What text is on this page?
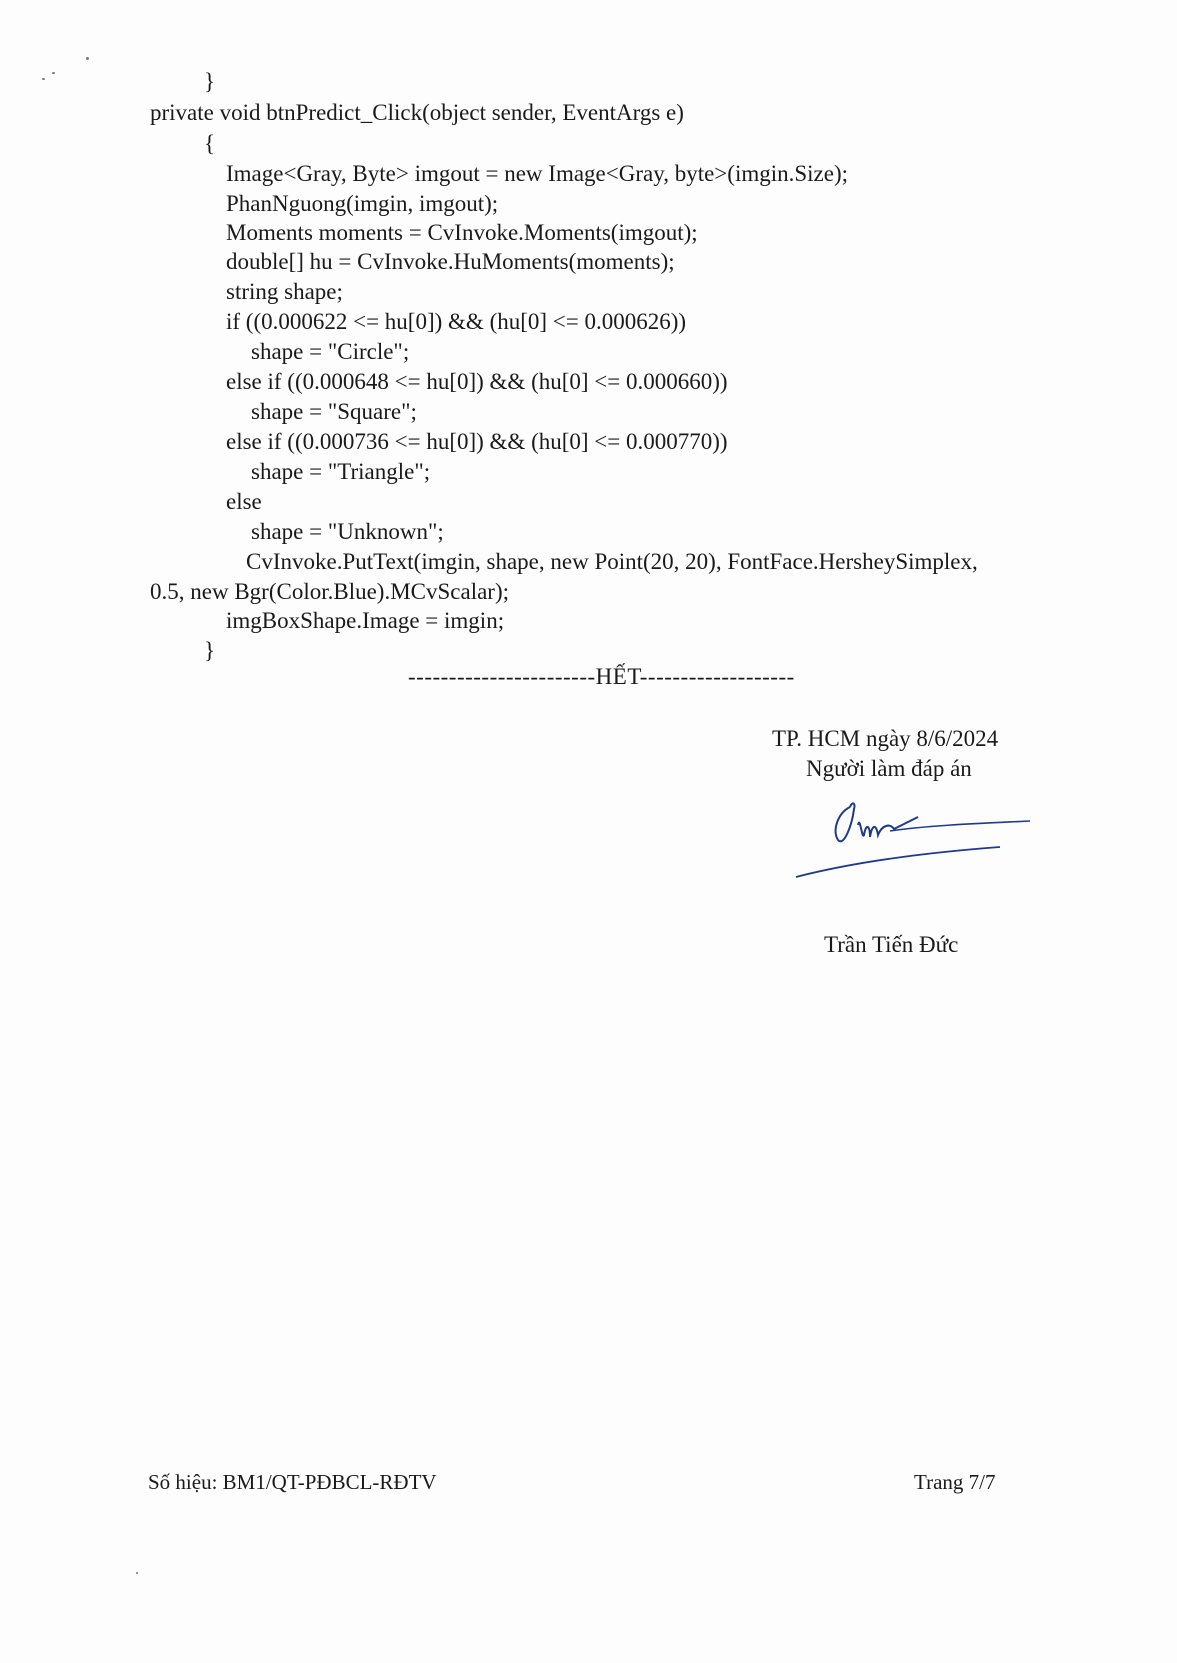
}
private void btnPredict_Click(object sender, EventArgs e)
{
Image<Gray, Byte> imgout = new Image<Gray, byte>(imgin.Size);
PhanNguong(imgin, imgout);
Moments moments = CvInvoke.Moments(imgout);
double[] hu = CvInvoke.HuMoments(moments);
string shape;
if ((0.000622 <= hu[0]) && (hu[0] <= 0.000626))
shape = "Circle";
else if ((0.000648 <= hu[0]) && (hu[0] <= 0.000660))
shape = "Square";
else if ((0.000736 <= hu[0]) && (hu[0] <= 0.000770))
shape = "Triangle";
else
shape = "Unknown";
CvInvoke.PutText(imgin, shape, new Point(20, 20), FontFace.HersheySimplex,
0.5, new Bgr(Color.Blue).MCvScalar);
imgBoxShape.Image = imgin;
}
-----------------------HẾT-------------------
TP. HCM ngày 8/6/2024
Người làm đáp án
Trần Tiến Đức
Số hiệu: BM1/QT-PĐBCL-RĐTV	Trang 7/7
